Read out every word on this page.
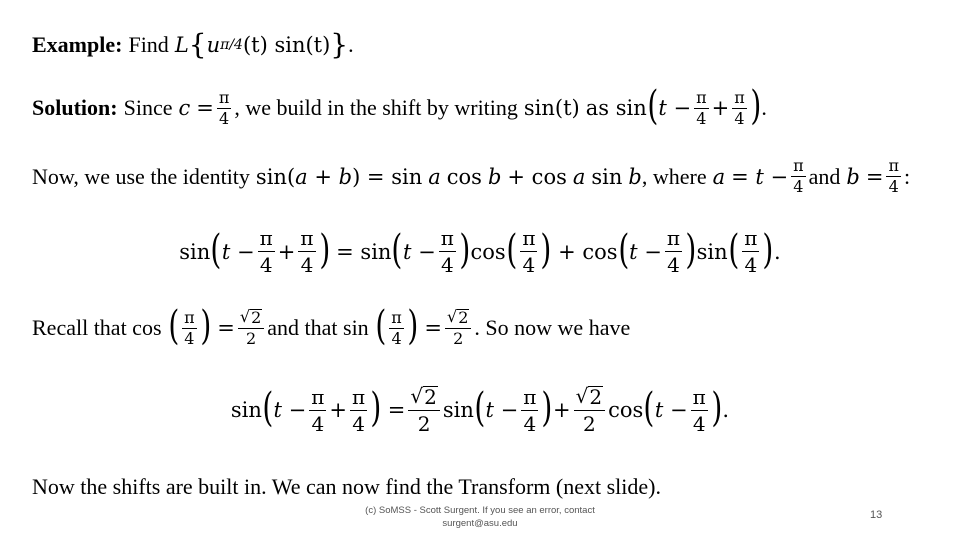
Example: Find L { u π/4 (t) sin(t) } .
Solution: Since $c = \frac{\pi}{4}$ , we build in the shift by writing sin(t) as sin ( $t - \frac{\pi}{4} + \frac{\pi}{4}$ ) .
Now, we use the identity sin( a + b ) = sin a cos b + cos a sin b , where $a = t - \frac{\pi}{4}$ and $b = \frac{\pi}{4}$ :
sin ( $t - \frac{\pi}{4} + \frac{\pi}{4}$ ) = sin ( $t - \frac{\pi}{4}$ ) cos ( $\frac{\pi}{4}$ ) + cos ( $t - \frac{\pi}{4}$ ) sin ( $\frac{\pi}{4}$ ) .
Recall that cos ( $\frac{\pi}{4}$ ) = $\frac{√ 2}{2}$ and that sin ( $\frac{\pi}{4}$ ) = $\frac{√ 2}{2}$ . So now we have
sin ( $t - \frac{\pi}{4} + \frac{\pi}{4}$ ) = $\frac{√ 2}{2}$ sin ( $t - \frac{\pi}{4}$ ) + $\frac{√ 2}{2}$ cos ( $t - \frac{\pi}{4}$ ) .
Now the shifts are built in. We can now find the Transform (next slide).
(c) SoMSS - Scott Surgent. If you see an error, contact
surgent@asu.edu
13
